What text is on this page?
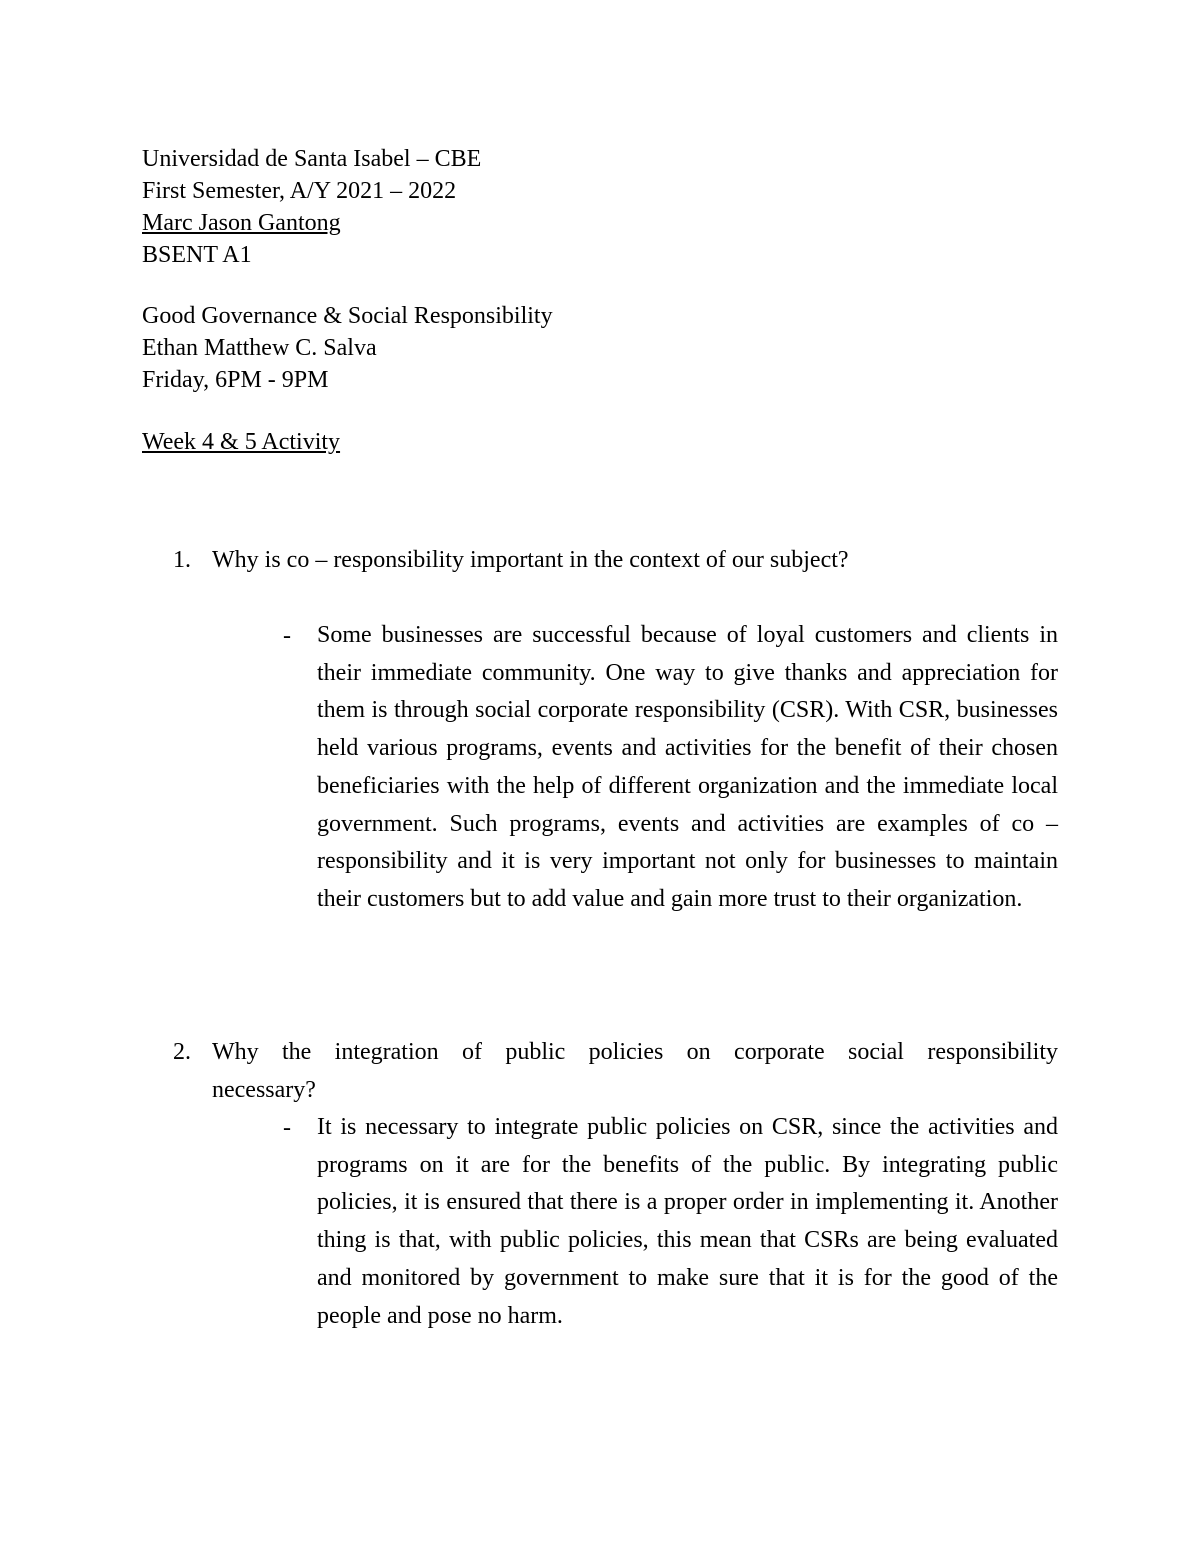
Universidad de Santa Isabel – CBE
First Semester, A/Y 2021 – 2022
Marc Jason Gantong
BSENT A1
Good Governance & Social Responsibility
Ethan Matthew C. Salva
Friday, 6PM - 9PM
Week 4 & 5 Activity
1. Why is co – responsibility important in the context of our subject?
- Some businesses are successful because of loyal customers and clients in their immediate community. One way to give thanks and appreciation for them is through social corporate responsibility (CSR). With CSR, businesses held various programs, events and activities for the benefit of their chosen beneficiaries with the help of different organization and the immediate local government. Such programs, events and activities are examples of co – responsibility and it is very important not only for businesses to maintain their customers but to add value and gain more trust to their organization.
2. Why the integration of public policies on corporate social responsibility
necessary?
- It is necessary to integrate public policies on CSR, since the activities and programs on it are for the benefits of the public. By integrating public policies, it is ensured that there is a proper order in implementing it. Another thing is that, with public policies, this mean that CSRs are being evaluated and monitored by government to make sure that it is for the good of the people and pose no harm.
